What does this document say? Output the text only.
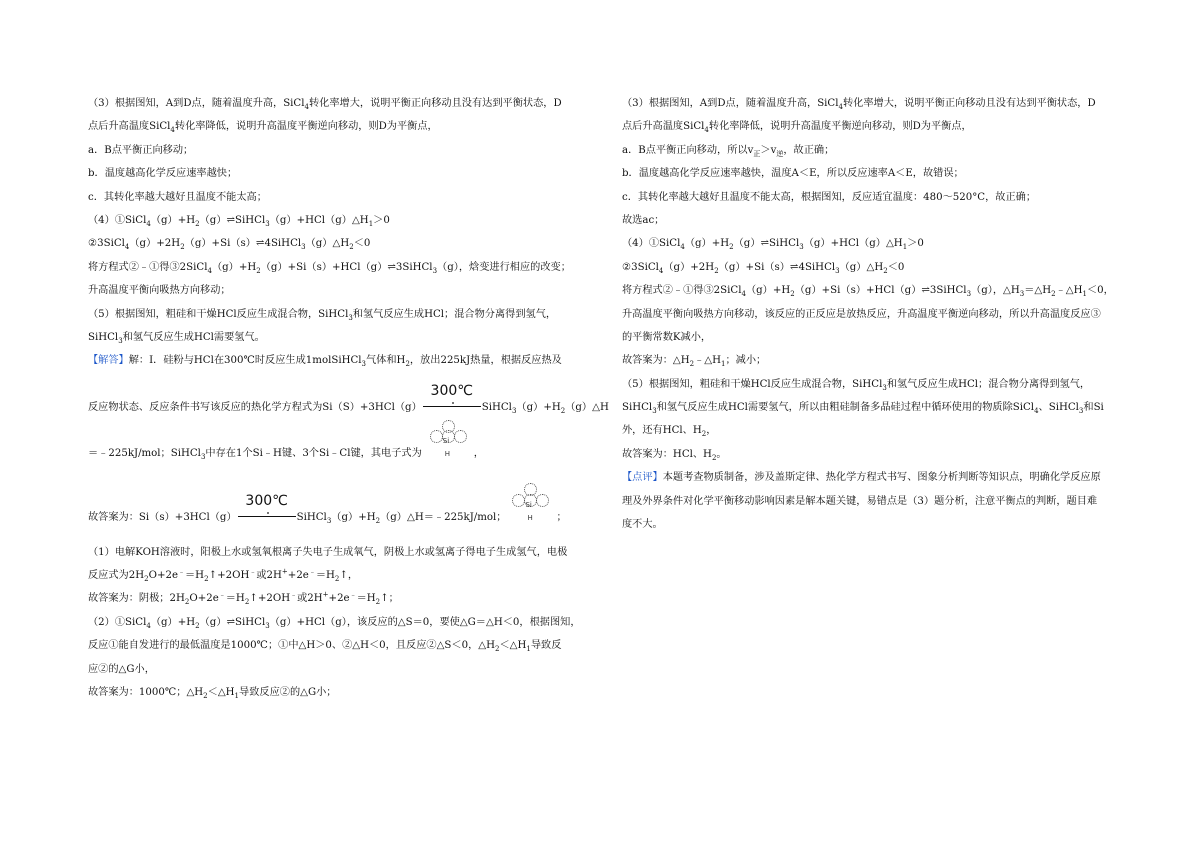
（3）根据图知，A到D点，随着温度升高，SiCl$_4$转化率增大，说明平衡正向移动且没有达到平衡状态，D
点后升高温度SiCl$_4$转化率降低，说明升高温度平衡逆向移动，则D为平衡点，
a．B点平衡正向移动；
b．温度越高化学反应速率越快；
c．其转化率越大越好且温度不能太高；
$(4)①SiCl_4(g)+H_2(g)\rightleftharpoons SiHCl_3(g)+HCl(g)\triangle H_1>0$
$②3SiCl_4(g)+2H_2(g)+Si(s)\rightleftharpoons 4SiHCl_3(g)\triangle H_2<0$
将方程式②﹣①得$③2SiCl_4(g)+H_2(g)+Si(s)+HCl(g)\rightleftharpoons 3SiHCl_3(g)$，焓变进行相应的改变；
升高温度平衡向吸热方向移动；
（5）根据图知，粗硅和干燥HCl反应生成混合物，SiHCl$_3$和氢气反应生成HCl；混合物分离得到氢气，
SiHCl$_3$和氢气反应生成HCl需要氢气。
【解答】解：Ⅰ．硅粉与HCl在300℃时反应生成1molSiHCl$_3$气体和$H_2$，放出225kJ热量，根据反应热及
反应物状态、反应条件书写该反应的热化学方程式为Si（S）+3HCl（g）
300℃
$SiHCl_3(g)+H_2(g)\triangle H$
＝﹣225kJ/mol；SiHCl$_3$中存在1个Si﹣H键、3个Si﹣Cl键，其电子式为
Si
H ，
故答案为：Si（s）+3HCl（g）
300℃
$SiHCl_3(g)+H_2(g)\triangle H=﹣225kJ$/mol；
Si
H ；
（1）电解KOH溶液时，阳极上水或氢氧根离子失电子生成氧气，阴极上水或氢离子得电子生成氢气，电极
反应式为$2H_2O+2e^﹣=H_2↑+2OH^﹣$或$2H^++2e^﹣=H_2↑$，
故答案为：阴极；$2H_2O+2e^﹣=H_2↑+2OH^﹣$或$2H^++2e^﹣=H_2↑$；
$(2)①SiCl_4(g)+H_2(g)\rightleftharpoons SiHCl_3(g)+HCl(g)$，该反应的△S＝0，要使△G＝△H＜0，根据图知，
反应①能自发进行的最低温度是1000℃；①中△H＞0、②△H＜0，且反应②△S＜0，$\triangle H_2<\triangle H_1$导致反
应②的△G小，
故答案为：1000℃；$\triangle H_2<\triangle H_1$导致反应②的△G小；
（3）根据图知，A到D点，随着温度升高，SiCl$_4$转化率增大，说明平衡正向移动且没有达到平衡状态，D
点后升高温度SiCl$_4$转化率降低，说明升高温度平衡逆向移动，则D为平衡点，
a．B点平衡正向移动，所以$v_正>v_逆$，故正确；
b．温度越高化学反应速率越快，温度A＜E，所以反应速率A＜E，故错误；
c．其转化率越大越好且温度不能太高，根据图知，反应适宜温度：480～520°C，故正确；
故选ac；
$(4)①SiCl_4(g)+H_2(g)\rightleftharpoons SiHCl_3(g)+HCl(g)\triangle H_1>0$
$②3SiCl_4(g)+2H_2(g)+Si(s)\rightleftharpoons 4SiHCl_3(g)\triangle H_2<0$
将方程式②﹣①得$③2SiCl_4(g)+H_2(g)+Si(s)+HCl(g)\rightleftharpoons 3SiHCl_3(g)$，$\triangle H_3=\triangle H_2﹣\triangle H_1<0$，
升高温度平衡向吸热方向移动，该反应的正反应是放热反应，升高温度平衡逆向移动，所以升高温度反应③
的平衡常数K减小，
故答案为：$\triangle H_2﹣\triangle H_1$；减小；
（5）根据图知，粗硅和干燥HCl反应生成混合物，SiHCl$_3$和氢气反应生成HCl；混合物分离得到氢气，
SiHCl$_3$和氢气反应生成HCl需要氢气，所以由粗硅制备多晶硅过程中循环使用的物质除SiCl$_4$、SiHCl$_3$和Si
外，还有HCl、$H_2$，
故答案为：HCl、$H_2$。
【点评】本题考查物质制备，涉及盖斯定律、热化学方程式书写、图象分析判断等知识点，明确化学反应原
理及外界条件对化学平衡移动影响因素是解本题关键，易错点是（3）题分析，注意平衡点的判断，题目难
度不大。
